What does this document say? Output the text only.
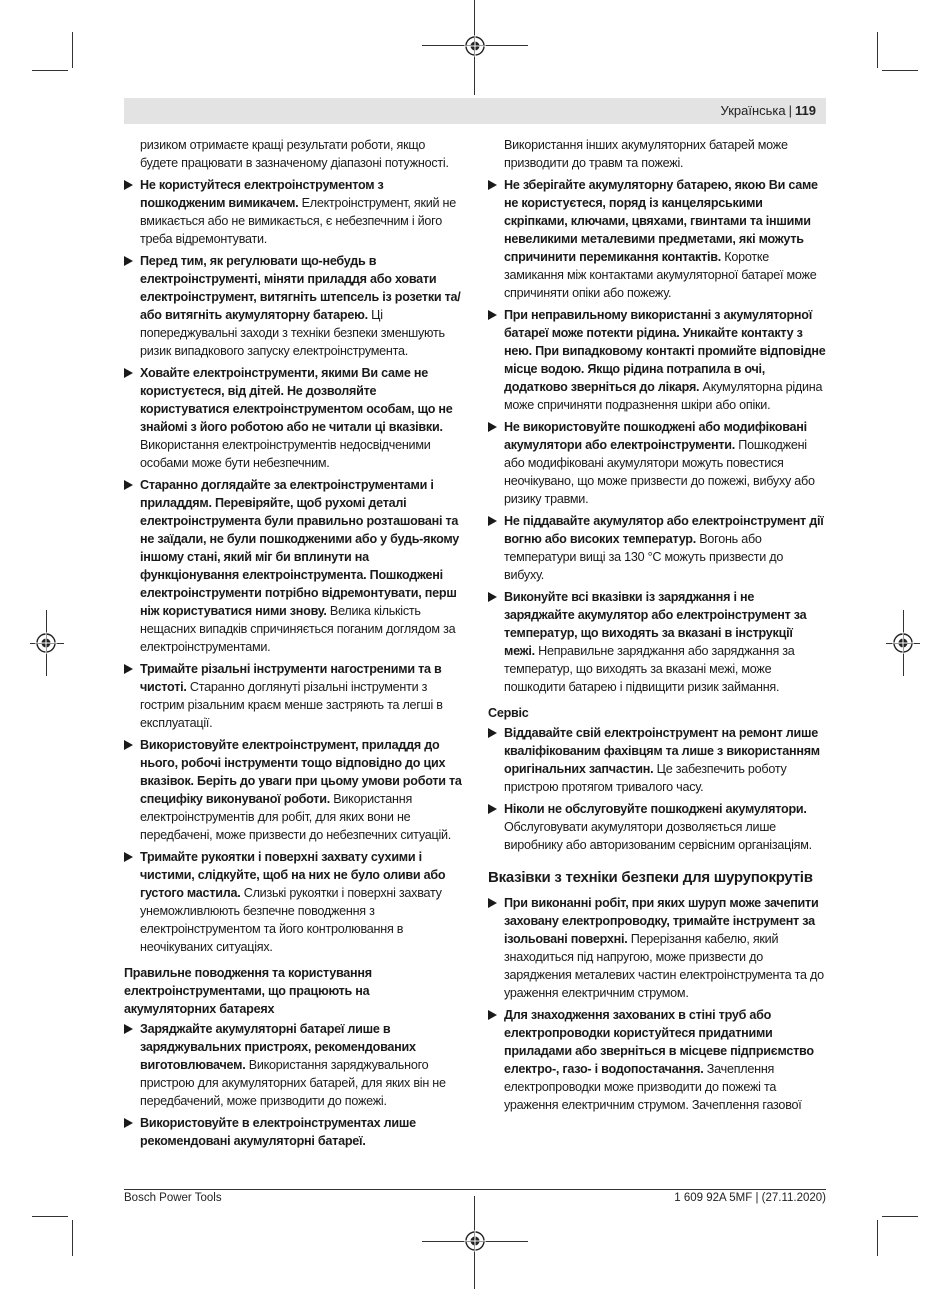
Українська | 119
ризиком отримаєте кращі результати роботи, якщо будете працювати в зазначеному діапазоні потужності.
Не користуйтеся електроінструментом з пошкодженим вимикачем. Електроінструмент, який не вмикається або не вимикається, є небезпечним і його треба відремонтувати.
Перед тим, як регулювати що-небудь в електроінструменті, міняти приладдя або ховати електроінструмент, витягніть штепсель із розетки та/або витягніть акумуляторну батарею. Ці попереджувальні заходи з техніки безпеки зменшують ризик випадкового запуску електроінструмента.
Ховайте електроінструменти, якими Ви саме не користуєтеся, від дітей. Не дозволяйте користуватися електроінструментом особам, що не знайомі з його роботою або не читали ці вказівки. Використання електроінструментів недосвідченими особами може бути небезпечним.
Старанно доглядайте за електроінструментами і приладдям. Перевіряйте, щоб рухомі деталі електроінструмента були правильно розташовані та не заїдали, не були пошкодженими або у будь-якому іншому стані, який міг би вплинути на функціонування електроінструмента. Пошкоджені електроінструменти потрібно відремонтувати, перш ніж користуватися ними знову. Велика кількість нещасних випадків спричиняється поганим доглядом за електроінструментами.
Тримайте різальні інструменти нагостреними та в чистоті. Старанно доглянуті різальні інструменти з гострим різальним краєм менше застряють та легші в експлуатації.
Використовуйте електроінструмент, приладдя до нього, робочі інструменти тощо відповідно до цих вказівок. Беріть до уваги при цьому умови роботи та специфіку виконуваної роботи. Використання електроінструментів для робіт, для яких вони не передбачені, може призвести до небезпечних ситуацій.
Тримайте рукоятки і поверхні захвату сухими і чистими, слідкуйте, щоб на них не було оливи або густого мастила. Слизькі рукоятки і поверхні захвату унеможливлюють безпечне поводження з електроінструментом та його контролювання в неочікуваних ситуаціях.
Правильне поводження та користування електроінструментами, що працюють на акумуляторних батареях
Заряджайте акумуляторні батареї лише в заряджувальних пристроях, рекомендованих виготовлювачем. Використання заряджувального пристрою для акумуляторних батарей, для яких він не передбачений, може призводити до пожежі.
Використовуйте в електроінструментах лише рекомендовані акумуляторні батареї.
Використання інших акумуляторних батарей може призводити до травм та пожежі.
Не зберігайте акумуляторну батарею, якою Ви саме не користуєтеся, поряд із канцелярськими скріпками, ключами, цвяхами, гвинтами та іншими невеликими металевими предметами, які можуть спричинити перемикання контактів. Коротке замикання між контактами акумуляторної батареї може спричиняти опіки або пожежу.
При неправильному використанні з акумуляторної батареї може потекти рідина. Уникайте контакту з нею. При випадковому контакті промийте відповідне місце водою. Якщо рідина потрапила в очі, додатково зверніться до лікаря. Акумуляторна рідина може спричиняти подразнення шкіри або опіки.
Не використовуйте пошкоджені або модифіковані акумулятори або електроінструменти. Пошкоджені або модифіковані акумулятори можуть повестися неочікувано, що може призвести до пожежі, вибуху або ризику травми.
Не піддавайте акумулятор або електроінструмент дії вогню або високих температур. Вогонь або температури вищі за 130 °C можуть призвести до вибуху.
Виконуйте всі вказівки із заряджання і не заряджайте акумулятор або електроінструмент за температур, що виходять за вказані в інструкції межі. Неправильне заряджання або заряджання за температур, що виходять за вказані межі, може пошкодити батарею і підвищити ризик займання.
Сервіс
Віддавайте свій електроінструмент на ремонт лише кваліфікованим фахівцям та лише з використанням оригінальних запчастин. Це забезпечить роботу пристрою протягом тривалого часу.
Ніколи не обслуговуйте пошкоджені акумулятори. Обслуговувати акумулятори дозволяється лише виробнику або авторизованим сервісним організаціям.
Вказівки з техніки безпеки для шурупокрутів
При виконанні робіт, при яких шуруп може зачепити заховану електропроводку, тримайте інструмент за ізольовані поверхні. Перерізання кабелю, який знаходиться під напругою, може призвести до заряджения металевих частин електроінструмента та до ураження електричним струмом.
Для знаходження захованих в стіні труб або електропроводки користуйтеся придатними приладами або зверніться в місцеве підприємство електро-, газо- і водопостачання. Зачеплення електропроводки може призводити до пожежі та ураження електричним струмом. Зачеплення газової
Bosch Power Tools	1 609 92A 5MF | (27.11.2020)
